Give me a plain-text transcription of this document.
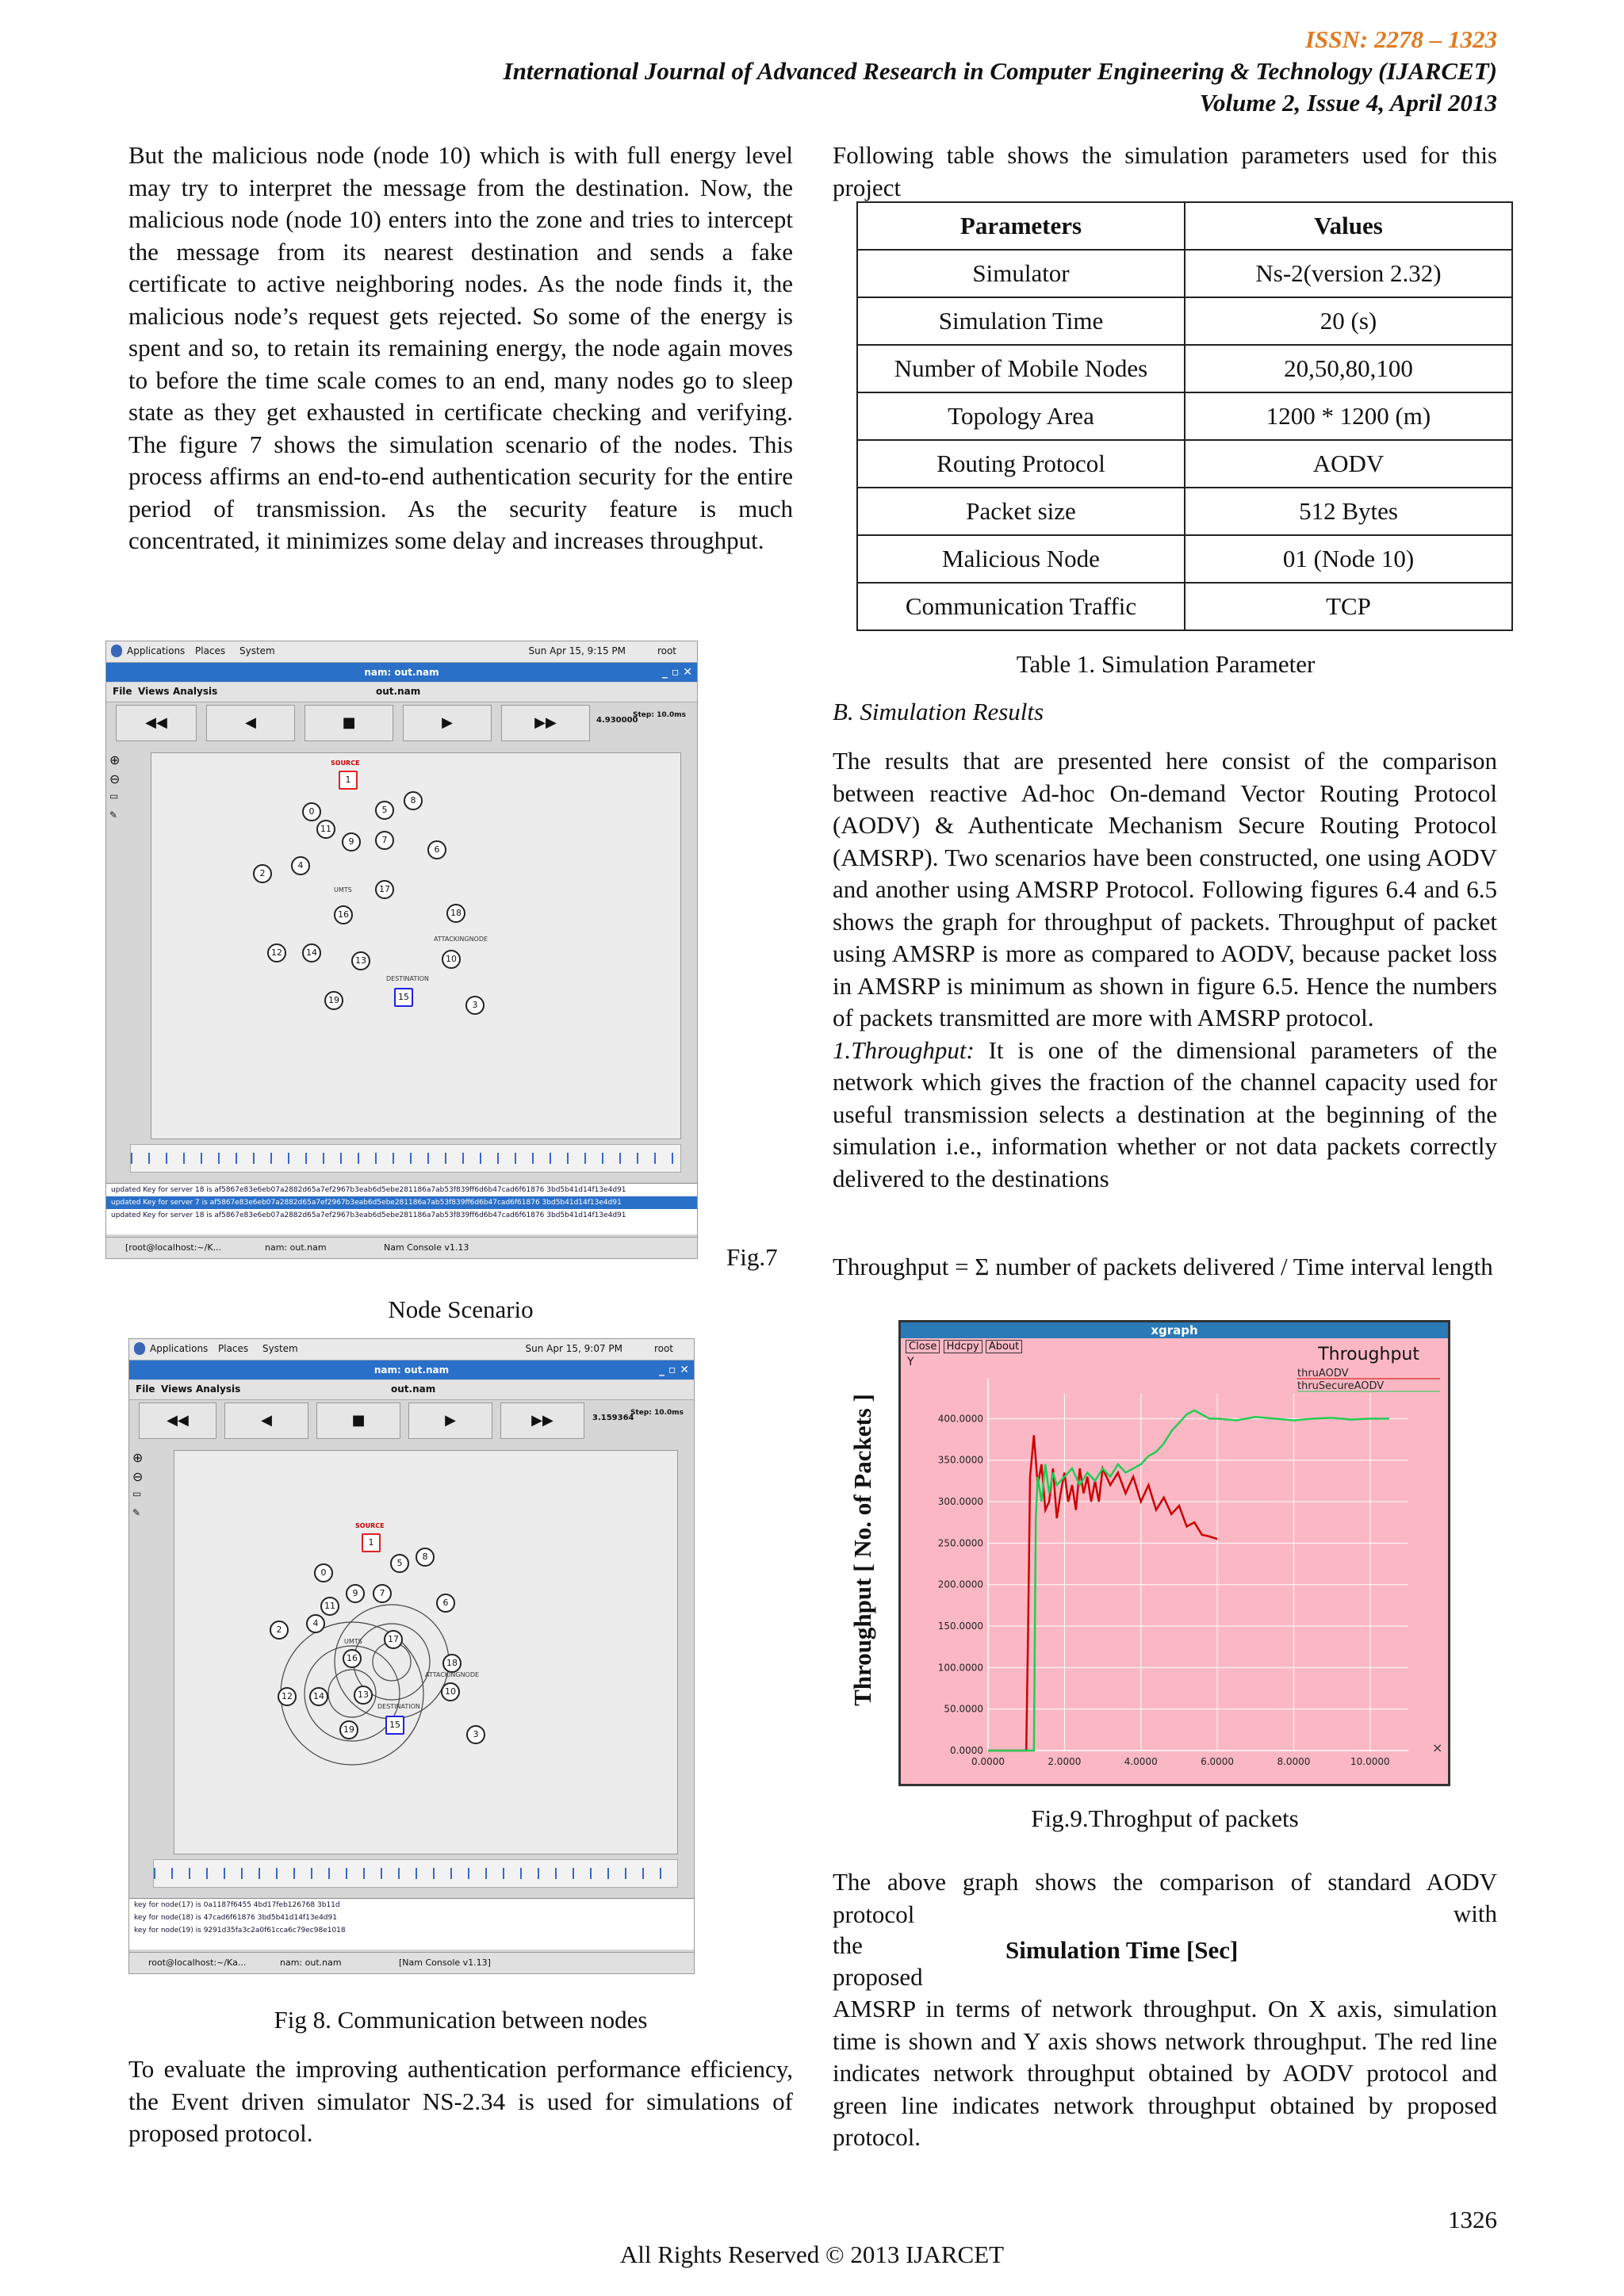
ISSN: 2278 – 1323
International Journal of Advanced Research in Computer Engineering & Technology (IJARCET)
Volume 2, Issue 4, April 2013
But the malicious node (node 10) which is with full energy level may try to interpret the message from the destination. Now, the malicious node (node 10) enters into the zone and tries to intercept the message from its nearest destination and sends a fake certificate to active neighboring nodes. As the node finds it, the malicious node’s request gets rejected. So some of the energy is spent and so, to retain its remaining energy, the node again moves to before the time scale comes to an end, many nodes go to sleep state as they get exhausted in certificate checking and verifying. The figure 7 shows the simulation scenario of the nodes. This process affirms an end-to-end authentication security for the entire period of transmission. As the security feature is much concentrated, it minimizes some delay and increases throughput.
Applications Places System	Sun Apr 15, 9:15 PM	root
nam: out.nam	_ ▫ ✕
File Views Analysis	out.nam
◀◀	◀	■	▶	▶▶	4.930000
Step: 10.0ms
⊕
⊖
▭
✎
SOURCE
1
5
8
0
9	7
11
6
4
2
17
UMTS
16	18
12	14
13
ATTACKINGNODE
10
DESTINATION
15
19	3
updated Key for server 18 is af5867e83e6eb07a2882d65a7ef2967b3eab6d5ebe281186a7ab53f839ff6d6b47cad6f61876 3bd5b41d14f13e4d91
updated Key for server 7 is af5867e83e6eb07a2882d65a7ef2967b3eab6d5ebe281186a7ab53f839ff6d6b47cad6f61876 3bd5b41d14f13e4d91
updated Key for server 18 is af5867e83e6eb07a2882d65a7ef2967b3eab6d5ebe281186a7ab53f839ff6d6b47cad6f61876 3bd5b41d14f13e4d91
[root@localhost:~/K...	nam: out.nam	Nam Console v1.13	Fig.7
Node Scenario
Applications Places System	Sun Apr 15, 9:07 PM	root
nam: out.nam	_ ▫ ✕
File Views Analysis	out.nam
◀◀	◀	■	▶	▶▶	3.159364
Step: 10.0ms
⊕
⊖
▭
✎
SOURCE
1
0
5
8
9	7
11	6
4
2
17
UMTS
16	18
12	14	13
ATTACKINGNODE
10
DESTINATION
15
19	3
key for node(17) is 0a1187f6455 4bd17feb126768 3b11d
key for node(18) is 47cad6f61876 3bd5b41d14f13e4d91
key for node(19) is 9291d35fa3c2a0f61cca6c79ec98e1018
root@localhost:~/Ka...	nam: out.nam	[Nam Console v1.13]
Fig 8. Communication between nodes
To evaluate the improving authentication performance efficiency, the Event driven simulator NS-2.34 is used for simulations of proposed protocol.
Following table shows the simulation parameters used for this project
Parameters	Values
Simulator	Ns-2(version 2.32)
Simulation Time	20 (s)
Number of Mobile Nodes	20,50,80,100
Topology Area	1200 * 1200 (m)
Routing Protocol	AODV
Packet size	512 Bytes
Malicious Node	01 (Node 10)
Communication Traffic	TCP
Table 1. Simulation Parameter
B. Simulation Results
The results that are presented here consist of the comparison between reactive Ad-hoc On-demand Vector Routing Protocol (AODV) & Authenticate Mechanism Secure Routing Protocol (AMSRP). Two scenarios have been constructed, one using AODV and another using AMSRP Protocol. Following figures 6.4 and 6.5 shows the graph for throughput of packets. Throughput of packet using AMSRP is more as compared to AODV, because packet loss in AMSRP is minimum as shown in figure 6.5. Hence the numbers of packets transmitted are more with AMSRP protocol.
1.Throughput: It is one of the dimensional parameters of the network which gives the fraction of the channel capacity used for useful transmission selects a destination at the beginning of the simulation i.e., information whether or not data packets correctly delivered to the destinations
Throughput = Σ number of packets delivered / Time interval length
Throughput [ No. of Packets ]
xgraph
Close Hdcpy About
Y	Throughput
0.0000
50.0000
100.0000
150.0000
200.0000
250.0000
300.0000
350.0000
400.0000
0.0000	2.0000	4.0000	6.0000	8.0000	10.0000
thruAODV
thruSecureAODV
×
Fig.9.Throghput of packets
The above graph shows the comparison of standard AODV protocol	with
the	Simulation Time [Sec]
proposed
AMSRP in terms of network throughput. On X axis, simulation time is shown and Y axis shows network throughput. The red line indicates network throughput obtained by AODV protocol and green line indicates network throughput obtained by proposed protocol.
1326
All Rights Reserved © 2013 IJARCET
